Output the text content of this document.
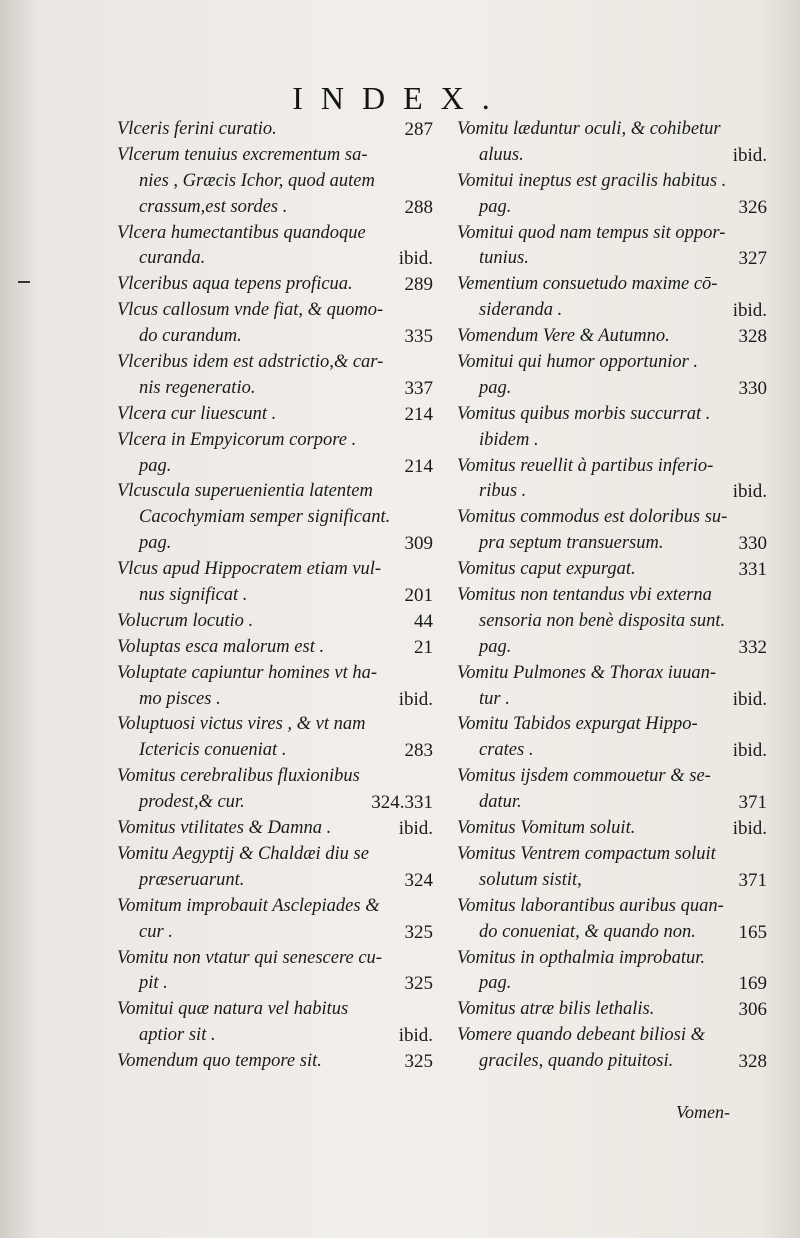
INDEX.
Vlceris ferini curatio.	287
Vlcerum tenuius excrementum sa-
nies , Græcis Ichor, quod autem
crassum,est sordes .	288
Vlcera humectantibus quandoque
curanda.	ibid.
Vlceribus aqua tepens proficua.	289
Vlcus callosum vnde fiat, & quomo-
do curandum.	335
Vlceribus idem est adstrictio,& car-
nis regeneratio.	337
Vlcera cur liuescunt .	214
Vlcera in Empyicorum corpore .
pag.	214
Vlcuscula superuenientia latentem
Cacochymiam semper significant.
pag.	309
Vlcus apud Hippocratem etiam vul-
nus significat .	201
Volucrum locutio .	44
Voluptas esca malorum est .	21
Voluptate capiuntur homines vt ha-
mo pisces .	ibid.
Voluptuosi victus vires , & vt nam
Ictericis conueniat .	283
Vomitus cerebralibus fluxionibus
prodest,& cur.	324.331
Vomitus vtilitates & Damna .	ibid.
Vomitu Aegyptij & Chaldæi diu se
præseruarunt.	324
Vomitum improbauit Asclepiades &
cur .	325
Vomitu non vtatur qui senescere cu-
pit .	325
Vomitui quæ natura vel habitus
aptior sit .	ibid.
Vomendum quo tempore sit.	325
Vomitu læduntur oculi, & cohibetur
aluus.	ibid.
Vomitui ineptus est gracilis habitus .
pag.	326
Vomitui quod nam tempus sit oppor-
tunius.	327
Vementium consuetudo maxime cō-
sideranda .	ibid.
Vomendum Vere & Autumno.	328
Vomitui qui humor opportunior .
pag.	330
Vomitus quibus morbis succurrat .
ibidem .
Vomitus reuellit à partibus inferio-
ribus .	ibid.
Vomitus commodus est doloribus su-
pra septum transuersum.	330
Vomitus caput expurgat.	331
Vomitus non tentandus vbi externa
sensoria non benè disposita sunt.
pag.	332
Vomitu Pulmones & Thorax iuuan-
tur .	ibid.
Vomitu Tabidos expurgat Hippo-
crates .	ibid.
Vomitus ijsdem commouetur & se-
datur.	371
Vomitus Vomitum soluit.	ibid.
Vomitus Ventrem compactum soluit
solutum sistit,	371
Vomitus laborantibus auribus quan-
do conueniat, & quando non. 165
Vomitus in opthalmia improbatur.
pag.	169
Vomitus atræ bilis lethalis.	306
Vomere quando debeant biliosi &
graciles, quando pituitosi.	328
Vomen-
